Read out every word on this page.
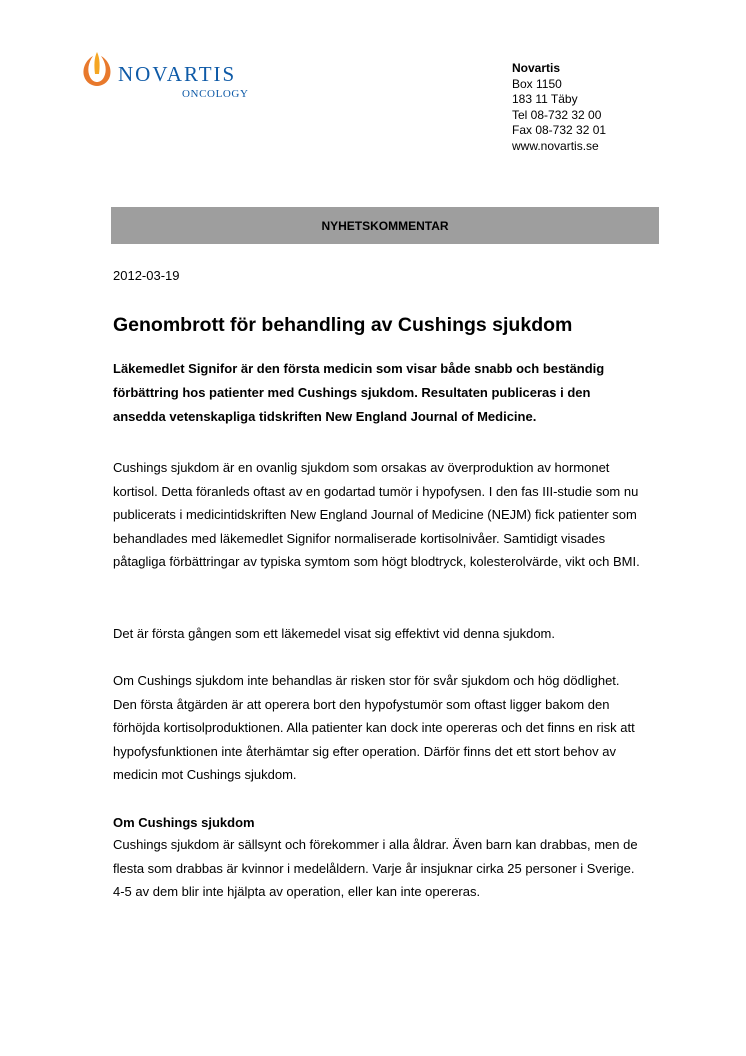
NOVARTIS
ONCOLOGY
Novartis
Box 1150
183 11 Täby
Tel 08-732 32 00
Fax 08-732 32 01
www.novartis.se
NYHETSKOMMENTAR
2012-03-19
Genombrott för behandling av Cushings sjukdom

Läkemedlet Signifor är den första medicin som visar både snabb och beständig förbättring hos patienter med Cushings sjukdom. Resultaten publiceras i den ansedda vetenskapliga tidskriften New England Journal of Medicine.

Cushings sjukdom är en ovanlig sjukdom som orsakas av överproduktion av hormonet kortisol. Detta föranleds oftast av en godartad tumör i hypofysen. I den fas III-studie som nu publicerats i medicintidskriften New England Journal of Medicine (NEJM) fick patienter som behandlades med läkemedlet Signifor normaliserade kortisolnivåer. Samtidigt visades påtagliga förbättringar av typiska symtom som högt blodtryck, kolesterolvärde, vikt och BMI.

Det är första gången som ett läkemedel visat sig effektivt vid denna sjukdom.

Om Cushings sjukdom inte behandlas är risken stor för svår sjukdom och hög dödlighet. Den första åtgärden är att operera bort den hypofystumör som oftast ligger bakom den förhöjda kortisolproduktionen. Alla patienter kan dock inte opereras och det finns en risk att hypofysfunktionen inte återhämtar sig efter operation. Därför finns det ett stort behov av medicin mot Cushings sjukdom.

Om Cushings sjukdom

Cushings sjukdom är sällsynt och förekommer i alla åldrar. Även barn kan drabbas, men de flesta som drabbas är kvinnor i medelåldern. Varje år insjuknar cirka 25 personer i Sverige. 4-5 av dem blir inte hjälpta av operation, eller kan inte opereras.
